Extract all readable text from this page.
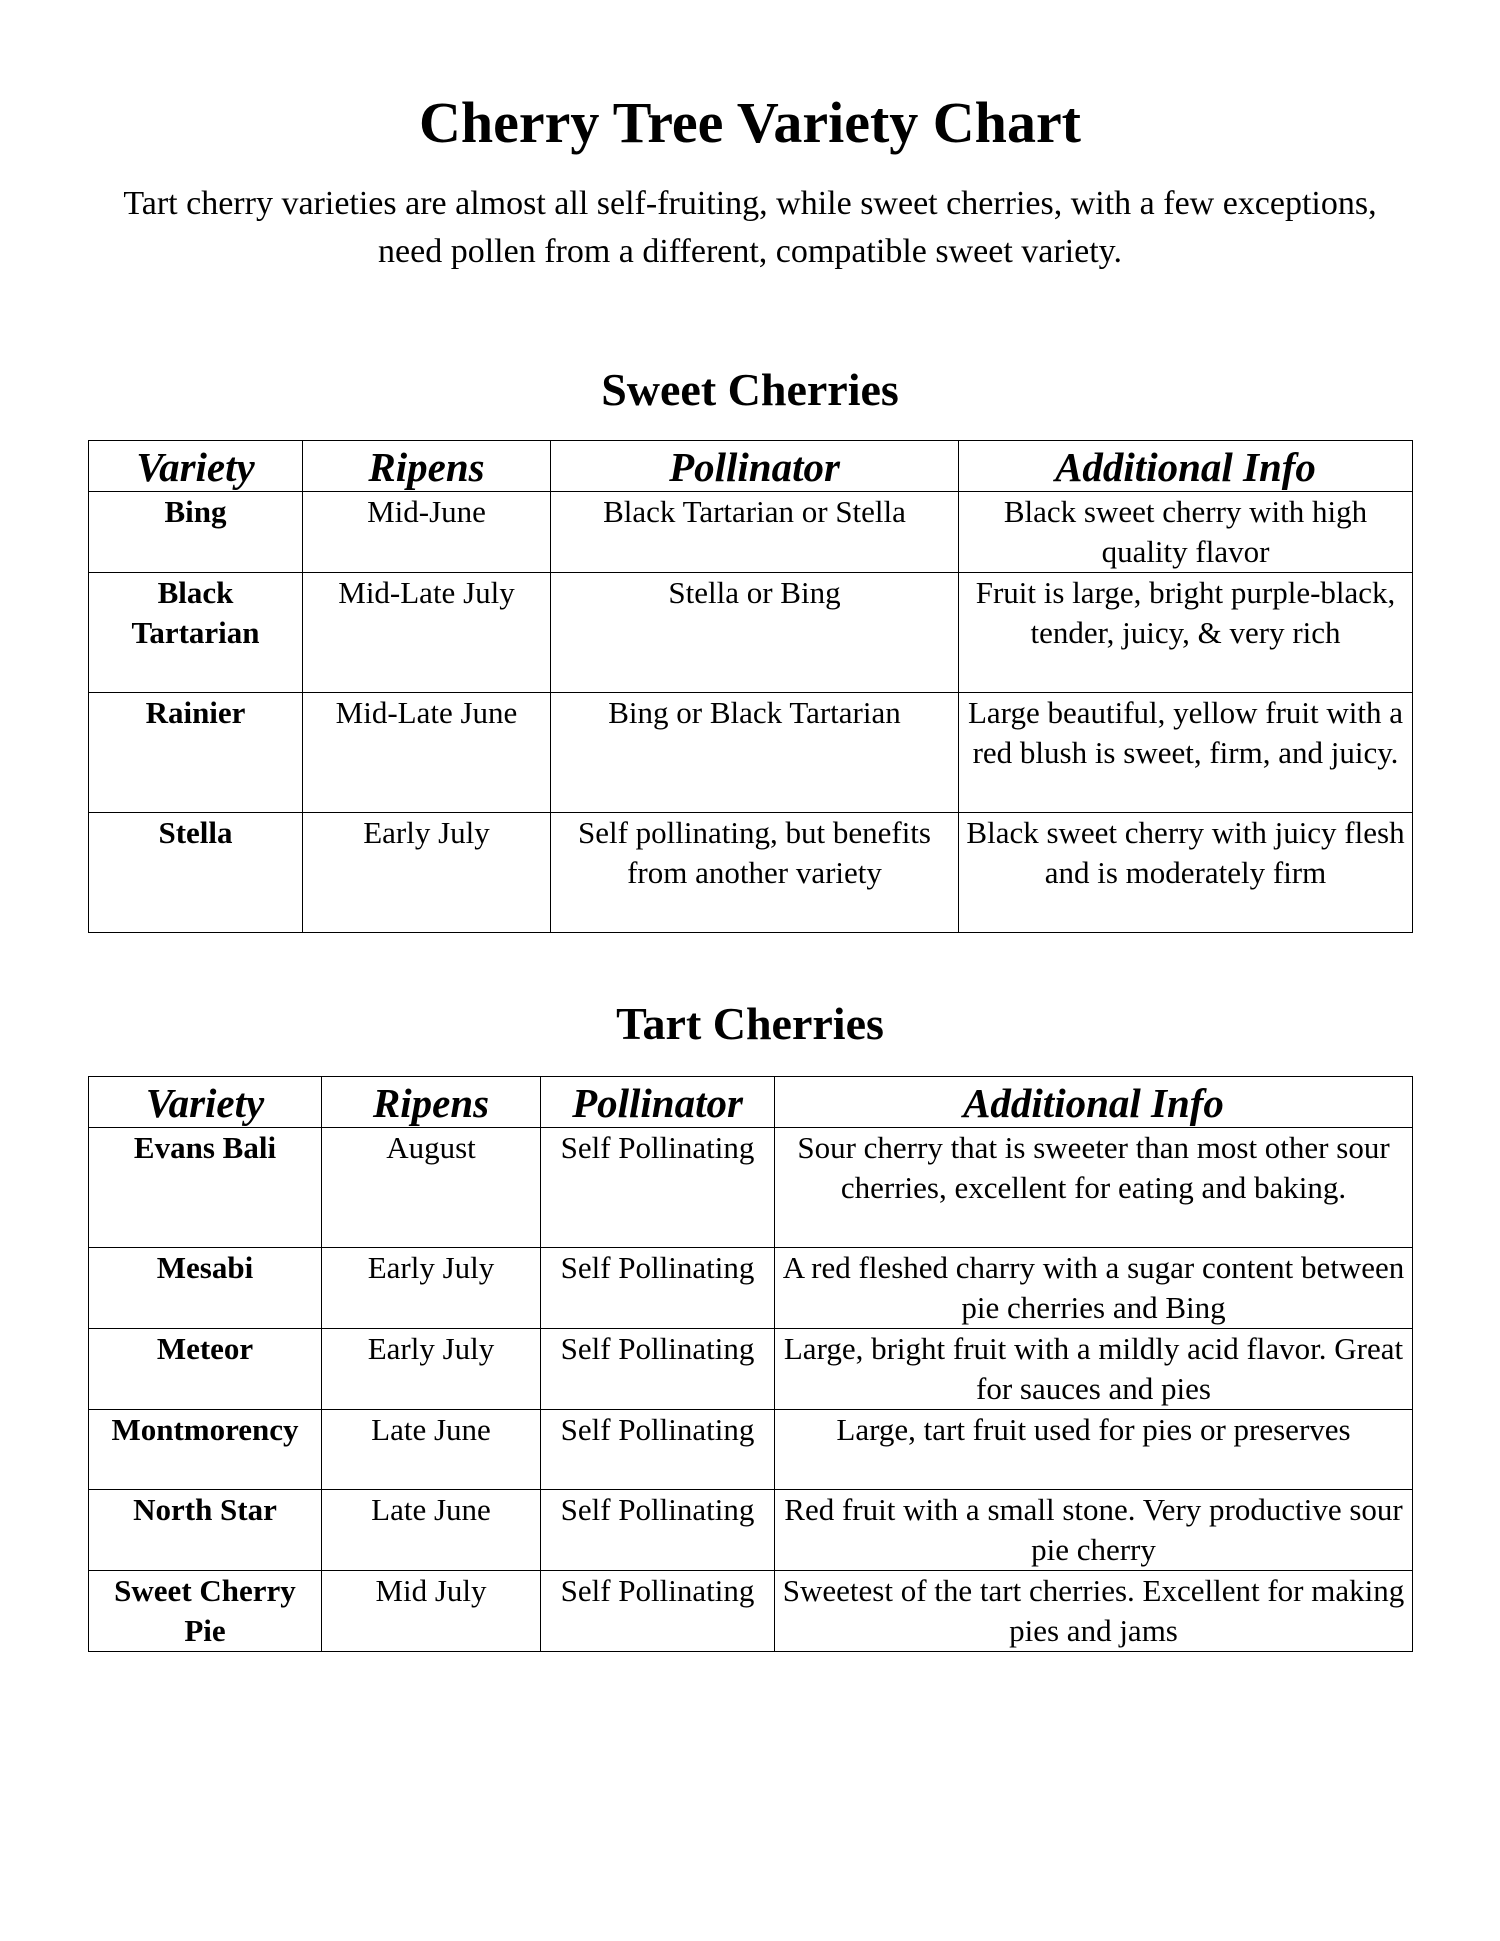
Cherry Tree Variety Chart
Tart cherry varieties are almost all self-fruiting, while sweet cherries, with a few exceptions, need pollen from a different, compatible sweet variety.
Sweet Cherries
Variety	Ripens	Pollinator	Additional Info
Bing	Mid-June	Black Tartarian or Stella	Black sweet cherry with high quality flavor
Black Tartarian	Mid-Late July	Stella or Bing	Fruit is large, bright purple-black, tender, juicy, & very rich
Rainier	Mid-Late June	Bing or Black Tartarian	Large beautiful, yellow fruit with a red blush is sweet, firm, and juicy.
Stella	Early July	Self pollinating, but benefits from another variety	Black sweet cherry with juicy flesh and is moderately firm
Tart Cherries
Variety	Ripens	Pollinator	Additional Info
Evans Bali	August	Self Pollinating	Sour cherry that is sweeter than most other sour cherries, excellent for eating and baking.
Mesabi	Early July	Self Pollinating	A red fleshed charry with a sugar content between pie cherries and Bing
Meteor	Early July	Self Pollinating	Large, bright fruit with a mildly acid flavor. Great for sauces and pies
Montmorency	Late June	Self Pollinating	Large, tart fruit used for pies or preserves
North Star	Late June	Self Pollinating	Red fruit with a small stone. Very productive sour pie cherry
Sweet Cherry Pie	Mid July	Self Pollinating	Sweetest of the tart cherries. Excellent for making pies and jams
